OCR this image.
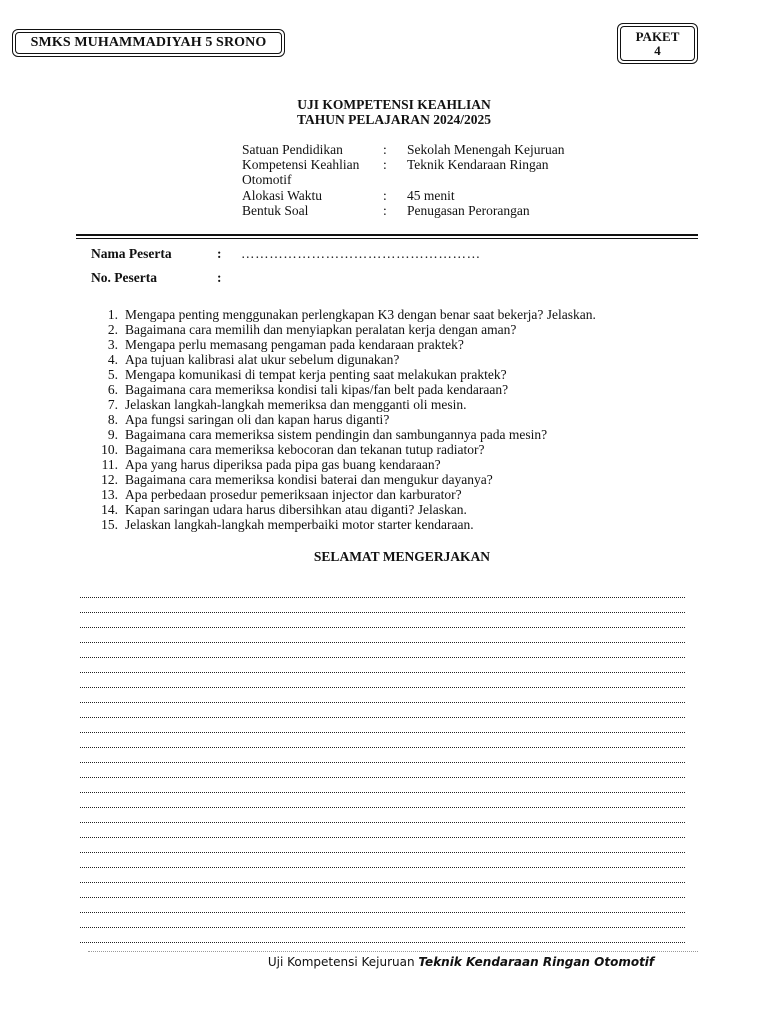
SMKS MUHAMMADIYAH 5 SRONO	PAKET
4
UJI KOMPETENSI KEAHLIAN
TAHUN PELAJARAN 2024/2025
Satuan Pendidikan	: Sekolah Menengah Kejuruan
Kompetensi Keahlian : Teknik Kendaraan Ringan
Otomotif
Alokasi Waktu	: 45 menit
Bentuk Soal	: Penugasan Perorangan
Nama Peserta	: ……………………………………………
No. Peserta	:
1. Mengapa penting menggunakan perlengkapan K3 dengan benar saat bekerja? Jelaskan.
2. Bagaimana cara memilih dan menyiapkan peralatan kerja dengan aman?
3. Mengapa perlu memasang pengaman pada kendaraan praktek?
4. Apa tujuan kalibrasi alat ukur sebelum digunakan?
5. Mengapa komunikasi di tempat kerja penting saat melakukan praktek?
6. Bagaimana cara memeriksa kondisi tali kipas/fan belt pada kendaraan?
7. Jelaskan langkah-langkah memeriksa dan mengganti oli mesin.
8. Apa fungsi saringan oli dan kapan harus diganti?
9. Bagaimana cara memeriksa sistem pendingin dan sambungannya pada mesin?
10. Bagaimana cara memeriksa kebocoran dan tekanan tutup radiator?
11. Apa yang harus diperiksa pada pipa gas buang kendaraan?
12. Bagaimana cara memeriksa kondisi baterai dan mengukur dayanya?
13. Apa perbedaan prosedur pemeriksaan injector dan karburator?
14. Kapan saringan udara harus dibersihkan atau diganti? Jelaskan.
15. Jelaskan langkah-langkah memperbaiki motor starter kendaraan.
SELAMAT MENGERJAKAN
Uji Kompetensi Kejuruan Teknik Kendaraan Ringan Otomotif
